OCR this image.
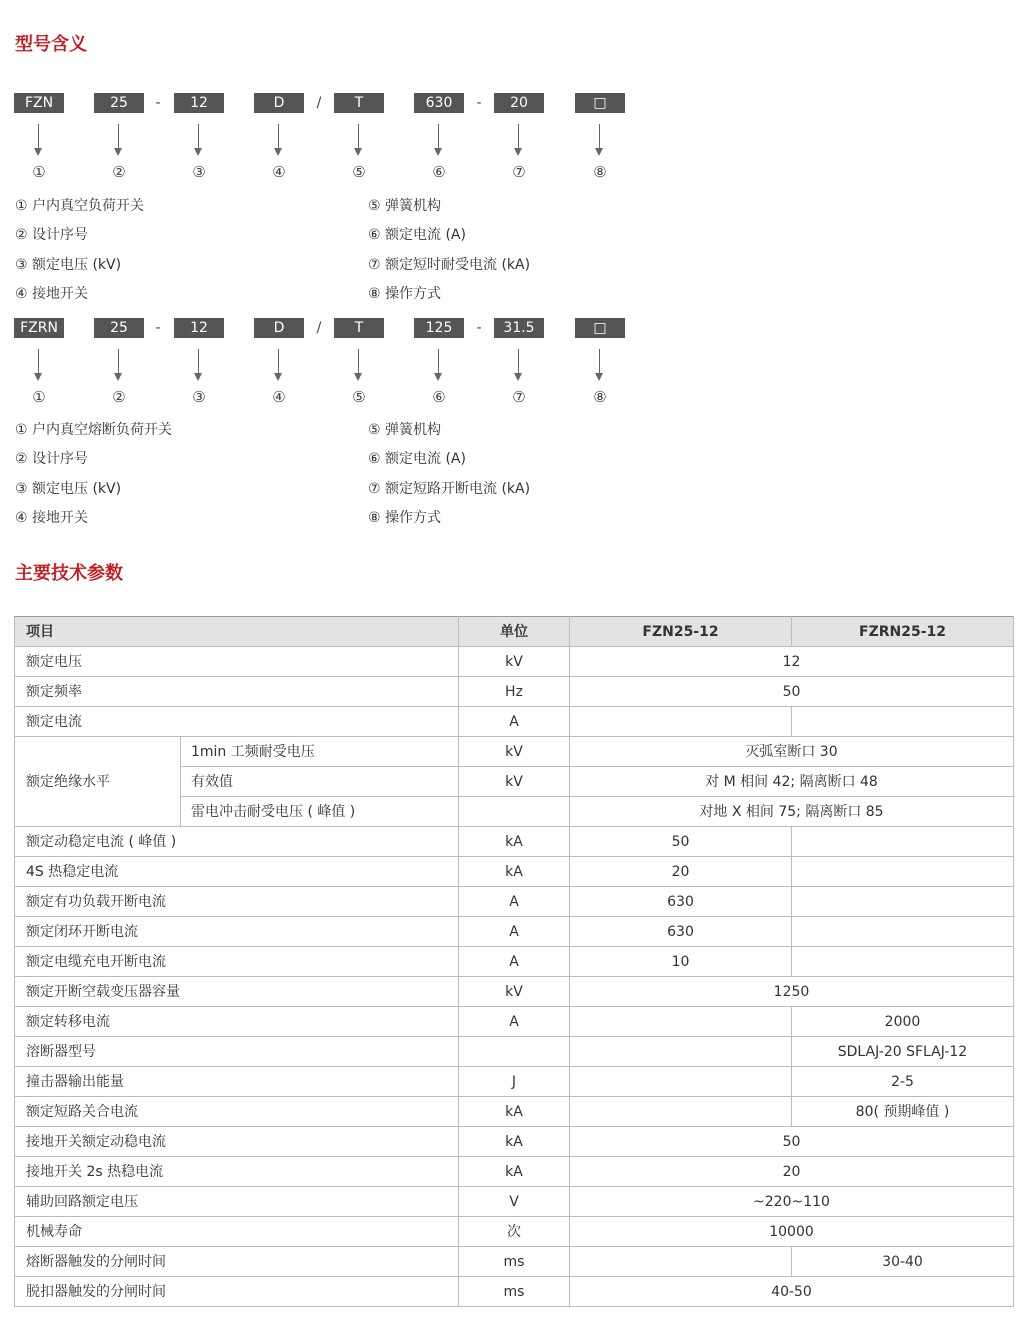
型号含义
FZN	25	-	12	D	/	T	630	-	20	□
①	②	③	④	⑤	⑥	⑦	⑧
① 户内真空负荷开关
② 设计序号
③ 额定电压 (kV)
④ 接地开关
⑤ 弹簧机构
⑥ 额定电流 (A)
⑦ 额定短时耐受电流 (kA)
⑧ 操作方式
FZRN	25	-	12	D	/	T	125	-	31.5	□
①	②	③	④	⑤	⑥	⑦	⑧
① 户内真空熔断负荷开关
② 设计序号
③ 额定电压 (kV)
④ 接地开关
⑤ 弹簧机构
⑥ 额定电流 (A)
⑦ 额定短路开断电流 (kA)
⑧ 操作方式
主要技术参数
项目		单位	FZN25-12	FZRN25-12
额定电压		kV	12	
额定频率		Hz	50	
额定电流		A		
额定绝缘水平	1min 工频耐受电压	kV	灭弧室断口 30	
	有效值	kV	对 M 相间 42; 隔离断口 48	
	雷电冲击耐受电压 ( 峰值 )		对地 X 相间 75; 隔离断口 85	
额定动稳定电流 ( 峰值 )		kA	50	
4S 热稳定电流		kA	20	
额定有功负载开断电流		A	630	
额定闭环开断电流		A	630	
额定电缆充电开断电流		A	10	
额定开断空载变压器容量		kV	1250	
额定转移电流		A		2000
溶断器型号				SDLAJ-20 SFLAJ-12
撞击器输出能量		J		2-5
额定短路关合电流		kA		80( 预期峰值 )
接地开关额定动稳电流		kA	50	
接地开关 2s 热稳电流		kA	20	
辅助回路额定电压		V	~220~110	
机械寿命		次	10000	
熔断器触发的分闸时间		ms		30-40
脱扣器触发的分闸时间		ms	40-50	
